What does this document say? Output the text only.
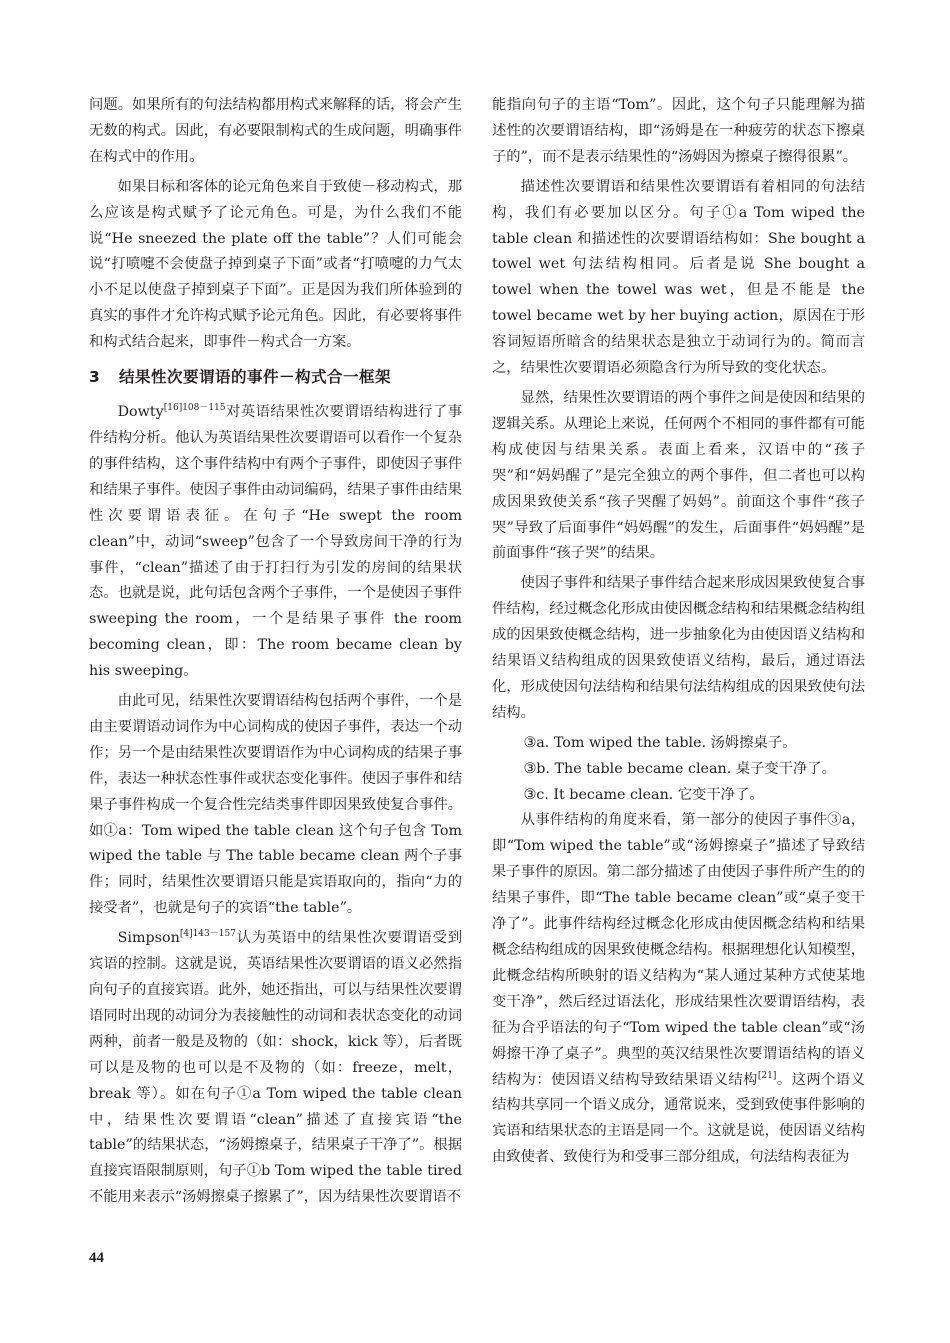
问题。如果所有的句法结构都用构式来解释的话，将会产生无数的构式。因此，有必要限制构式的生成问题，明确事件在构式中的作用。

如果目标和客体的论元角色来自于致使－移动构式，那么应该是构式赋予了论元角色。可是，为什么我们不能说“He sneezed the plate off the table”？人们可能会说“打喷嚏不会使盘子掉到桌子下面”或者“打喷嚏的力气太小不足以使盘子掉到桌子下面”。正是因为我们所体验到的真实的事件才允许构式赋予论元角色。因此，有必要将事件和构式结合起来，即事件－构式合一方案。

3 结果性次要谓语的事件－构式合一框架

Dowty$^{[16]108-115}$对英语结果性次要谓语结构进行了事件结构分析。他认为英语结果性次要谓语可以看作一个复杂的事件结构，这个事件结构中有两个子事件，即使因子事件和结果子事件。使因子事件由动词编码，结果子事件由结果性次要谓语表征。在句子“He swept the room clean”中，动词“sweep”包含了一个导致房间干净的行为事件，“clean”描述了由于打扫行为引发的房间的结果状态。也就是说，此句话包含两个子事件，一个是使因子事件 sweeping the room，一个是结果子事件 the room becoming clean，即：The room became clean by his sweeping。

由此可见，结果性次要谓语结构包括两个事件，一个是由主要谓语动词作为中心词构成的使因子事件，表达一个动作；另一个是由结果性次要谓语作为中心词构成的结果子事件，表达一种状态性事件或状态变化事件。使因子事件和结果子事件构成一个复合性完结类事件即因果致使复合事件。如①a：Tom wiped the table clean 这个句子包含 Tom wiped the table 与 The table became clean 两个子事件；同时，结果性次要谓语只能是宾语取向的，指向“力的接受者”，也就是句子的宾语“the table”。

Simpson$^{[4]143-157}$认为英语中的结果性次要谓语受到宾语的控制。这就是说，英语结果性次要谓语的语义必然指向句子的直接宾语。此外，她还指出，可以与结果性次要谓语同时出现的动词分为表接触性的动词和表状态变化的动词两种，前者一般是及物的（如：shock，kick 等），后者既可以是及物的也可以是不及物的（如：freeze，melt，break 等）。如在句子①a Tom wiped the table clean 中，结果性次要谓语“clean”描述了直接宾语“the table”的结果状态，“汤姆擦桌子，结果桌子干净了”。根据直接宾语限制原则，句子①b Tom wiped the table tired 不能用来表示“汤姆擦桌子擦累了”，因为结果性次要谓语不

能指向句子的主语“Tom”。因此，这个句子只能理解为描述性的次要谓语结构，即“汤姆是在一种疲劳的状态下擦桌子的”，而不是表示结果性的“汤姆因为擦桌子擦得很累”。

描述性次要谓语和结果性次要谓语有着相同的句法结构，我们有必要加以区分。句子①a Tom wiped the table clean 和描述性的次要谓语结构如：She bought a towel wet 句法结构相同。后者是说 She bought a towel when the towel was wet，但是不能是 the towel became wet by her buying action，原因在于形容词短语所暗含的结果状态是独立于动词行为的。简而言之，结果性次要谓语必须隐含行为所导致的变化状态。

显然，结果性次要谓语的两个事件之间是使因和结果的逻辑关系。从理论上来说，任何两个不相同的事件都有可能构成使因与结果关系。表面上看来，汉语中的“孩子哭”和“妈妈醒了”是完全独立的两个事件，但二者也可以构成因果致使关系“孩子哭醒了妈妈”。前面这个事件“孩子哭”导致了后面事件“妈妈醒”的发生，后面事件“妈妈醒”是前面事件“孩子哭”的结果。

使因子事件和结果子事件结合起来形成因果致使复合事件结构，经过概念化形成由使因概念结构和结果概念结构组成的因果致使概念结构，进一步抽象化为由使因语义结构和结果语义结构组成的因果致使语义结构，最后，通过语法化，形成使因句法结构和结果句法结构组成的因果致使句法结构。

③a. Tom wiped the table. 汤姆擦桌子。

③b. The table became clean. 桌子变干净了。

③c. It became clean. 它变干净了。

从事件结构的角度来看，第一部分的使因子事件③a，即“Tom wiped the table”或“汤姆擦桌子”描述了导致结果子事件的原因。第二部分描述了由使因子事件所产生的的结果子事件，即“The table became clean”或“桌子变干净了”。此事件结构经过概念化形成由使因概念结构和结果概念结构组成的因果致使概念结构。根据理想化认知模型，此概念结构所映射的语义结构为“某人通过某种方式使某地变干净”，然后经过语法化，形成结果性次要谓语结构，表征为合乎语法的句子“Tom wiped the table clean”或“汤姆擦干净了桌子”。典型的英汉结果性次要谓语结构的语义结构为：使因语义结构导致结果语义结构[21]。这两个语义结构共享同一个语义成分，通常说来，受到致使事件影响的宾语和结果状态的主语是同一个。这就是说，使因语义结构由致使者、致使行为和受事三部分组成，句法结构表征为

44
